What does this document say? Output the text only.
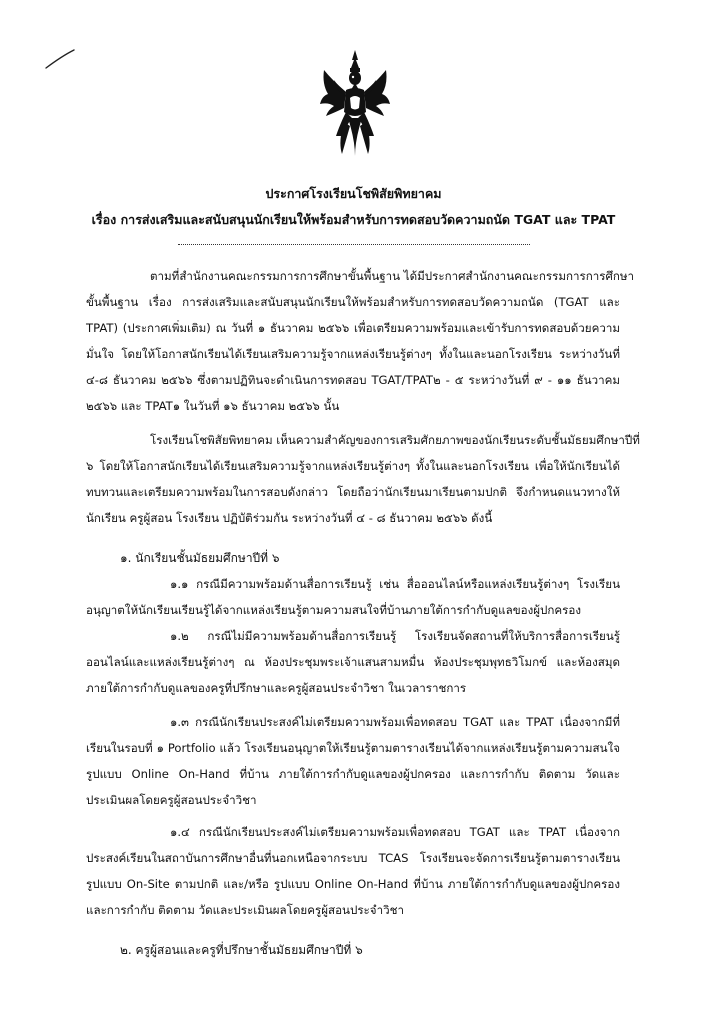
ประกาศโรงเรียนโชพิสัยพิทยาคม
เรื่อง การส่งเสริมและสนับสนุนนักเรียนให้พร้อมสำหรับการทดสอบวัดความถนัด TGAT และ TPAT
ตามที่สำนักงานคณะกรรมการการศึกษาขั้นพื้นฐาน ได้มีประกาศสำนักงานคณะกรรมการการศึกษา
ขั้นพื้นฐาน เรื่อง การส่งเสริมและสนับสนุนนักเรียนให้พร้อมสำหรับการทดสอบวัดความถนัด (TGAT และ
TPAT) (ประกาศเพิ่มเติม) ณ วันที่ ๑ ธันวาคม ๒๕๖๖ เพื่อเตรียมความพร้อมและเข้ารับการทดสอบด้วยความ
มั่นใจ โดยให้โอกาสนักเรียนได้เรียนเสริมความรู้จากแหล่งเรียนรู้ต่างๆ ทั้งในและนอกโรงเรียน ระหว่างวันที่
๔-๘ ธันวาคม ๒๕๖๖ ซึ่งตามปฏิทินจะดำเนินการทดสอบ TGAT/TPAT๒ - ๕ ระหว่างวันที่ ๙ - ๑๑ ธันวาคม
๒๕๖๖ และ TPAT๑ ในวันที่ ๑๖ ธันวาคม ๒๕๖๖ นั้น
โรงเรียนโชพิสัยพิทยาคม เห็นความสำคัญของการเสริมศักยภาพของนักเรียนระดับชั้นมัธยมศึกษาปีที่
๖ โดยให้โอกาสนักเรียนได้เรียนเสริมความรู้จากแหล่งเรียนรู้ต่างๆ ทั้งในและนอกโรงเรียน เพื่อให้นักเรียนได้
ทบทวนและเตรียมความพร้อมในการสอบดังกล่าว โดยถือว่านักเรียนมาเรียนตามปกติ จึงกำหนดแนวทางให้
นักเรียน ครูผู้สอน โรงเรียน ปฏิบัติร่วมกัน ระหว่างวันที่ ๔ - ๘ ธันวาคม ๒๕๖๖ ดังนี้
๑. นักเรียนชั้นมัธยมศึกษาปีที่ ๖
๑.๑ กรณีมีความพร้อมด้านสื่อการเรียนรู้ เช่น สื่อออนไลน์หรือแหล่งเรียนรู้ต่างๆ โรงเรียน
อนุญาตให้นักเรียนเรียนรู้ได้จากแหล่งเรียนรู้ตามความสนใจที่บ้านภายใต้การกำกับดูแลของผู้ปกครอง
๑.๒ กรณีไม่มีความพร้อมด้านสื่อการเรียนรู้ โรงเรียนจัดสถานที่ให้บริการสื่อการเรียนรู้
ออนไลน์และแหล่งเรียนรู้ต่างๆ ณ ห้องประชุมพระเจ้าแสนสามหมื่น ห้องประชุมพุทธวิโมกข์ และห้องสมุด
ภายใต้การกำกับดูแลของครูที่ปรึกษาและครูผู้สอนประจำวิชา ในเวลาราชการ
๑.๓ กรณีนักเรียนประสงค์ไม่เตรียมความพร้อมเพื่อทดสอบ TGAT และ TPAT เนื่องจากมีที่
เรียนในรอบที่ ๑ Portfolio แล้ว โรงเรียนอนุญาตให้เรียนรู้ตามตารางเรียนได้จากแหล่งเรียนรู้ตามความสนใจ
รูปแบบ Online On-Hand ที่บ้าน ภายใต้การกำกับดูแลของผู้ปกครอง และการกำกับ ติดตาม วัดและ
ประเมินผลโดยครูผู้สอนประจำวิชา
๑.๔ กรณีนักเรียนประสงค์ไม่เตรียมความพร้อมเพื่อทดสอบ TGAT และ TPAT เนื่องจาก
ประสงค์เรียนในสถาบันการศึกษาอื่นที่นอกเหนือจากระบบ TCAS โรงเรียนจะจัดการเรียนรู้ตามตารางเรียน
รูปแบบ On-Site ตามปกติ และ/หรือ รูปแบบ Online On-Hand ที่บ้าน ภายใต้การกำกับดูแลของผู้ปกครอง
และการกำกับ ติดตาม วัดและประเมินผลโดยครูผู้สอนประจำวิชา
๒. ครูผู้สอนและครูที่ปรึกษาชั้นมัธยมศึกษาปีที่ ๖
